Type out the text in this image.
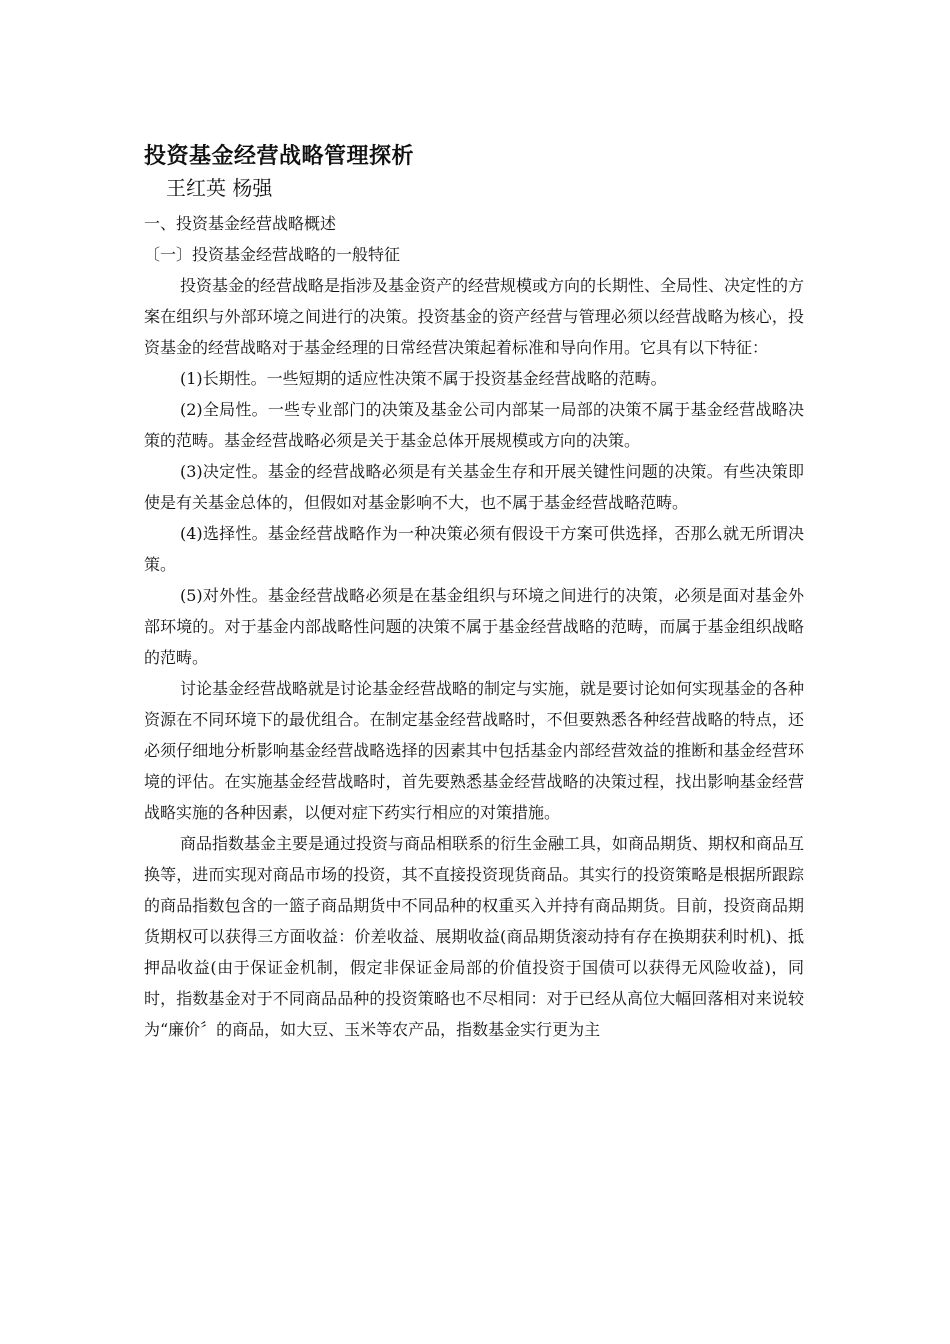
投资基金经营战略管理探析
王红英 杨强
一、投资基金经营战略概述
〔一〕投资基金经营战略的一般特征

投资基金的经营战略是指涉及基金资产的经营规模或方向的长期性、全局性、决定性的方案在组织与外部环境之间进行的决策。投资基金的资产经营与管理必须以经营战略为核心，投资基金的经营战略对于基金经理的日常经营决策起着标准和导向作用。它具有以下特征：

(1)长期性。一些短期的适应性决策不属于投资基金经营战略的范畴。

(2)全局性。一些专业部门的决策及基金公司内部某一局部的决策不属于基金经营战略决策的范畴。基金经营战略必须是关于基金总体开展规模或方向的决策。

(3)决定性。基金的经营战略必须是有关基金生存和开展关键性问题的决策。有些决策即使是有关基金总体的，但假如对基金影响不大，也不属于基金经营战略范畴。

(4)选择性。基金经营战略作为一种决策必须有假设干方案可供选择，否那么就无所谓决策。

(5)对外性。基金经营战略必须是在基金组织与环境之间进行的决策，必须是面对基金外部环境的。对于基金内部战略性问题的决策不属于基金经营战略的范畴，而属于基金组织战略的范畴。

讨论基金经营战略就是讨论基金经营战略的制定与实施，就是要讨论如何实现基金的各种资源在不同环境下的最优组合。在制定基金经营战略时，不但要熟悉各种经营战略的特点，还必须仔细地分析影响基金经营战略选择的因素其中包括基金内部经营效益的推断和基金经营环境的评估。在实施基金经营战略时，首先要熟悉基金经营战略的决策过程，找出影响基金经营战略实施的各种因素，以便对症下药实行相应的对策措施。

商品指数基金主要是通过投资与商品相联系的衍生金融工具，如商品期货、期权和商品互换等，进而实现对商品市场的投资，其不直接投资现货商品。其实行的投资策略是根据所跟踪的商品指数包含的一篮子商品期货中不同品种的权重买入并持有商品期货。目前，投资商品期货期权可以获得三方面收益：价差收益、展期收益(商品期货滚动持有存在换期获利时机)、抵押品收益(由于保证金机制，假定非保证金局部的价值投资于国债可以获得无风险收益)，同时，指数基金对于不同商品品种的投资策略也不尽相同：对于已经从高位大幅回落相对来说较为“廉价〞的商品，如大豆、玉米等农产品，指数基金实行更为主
